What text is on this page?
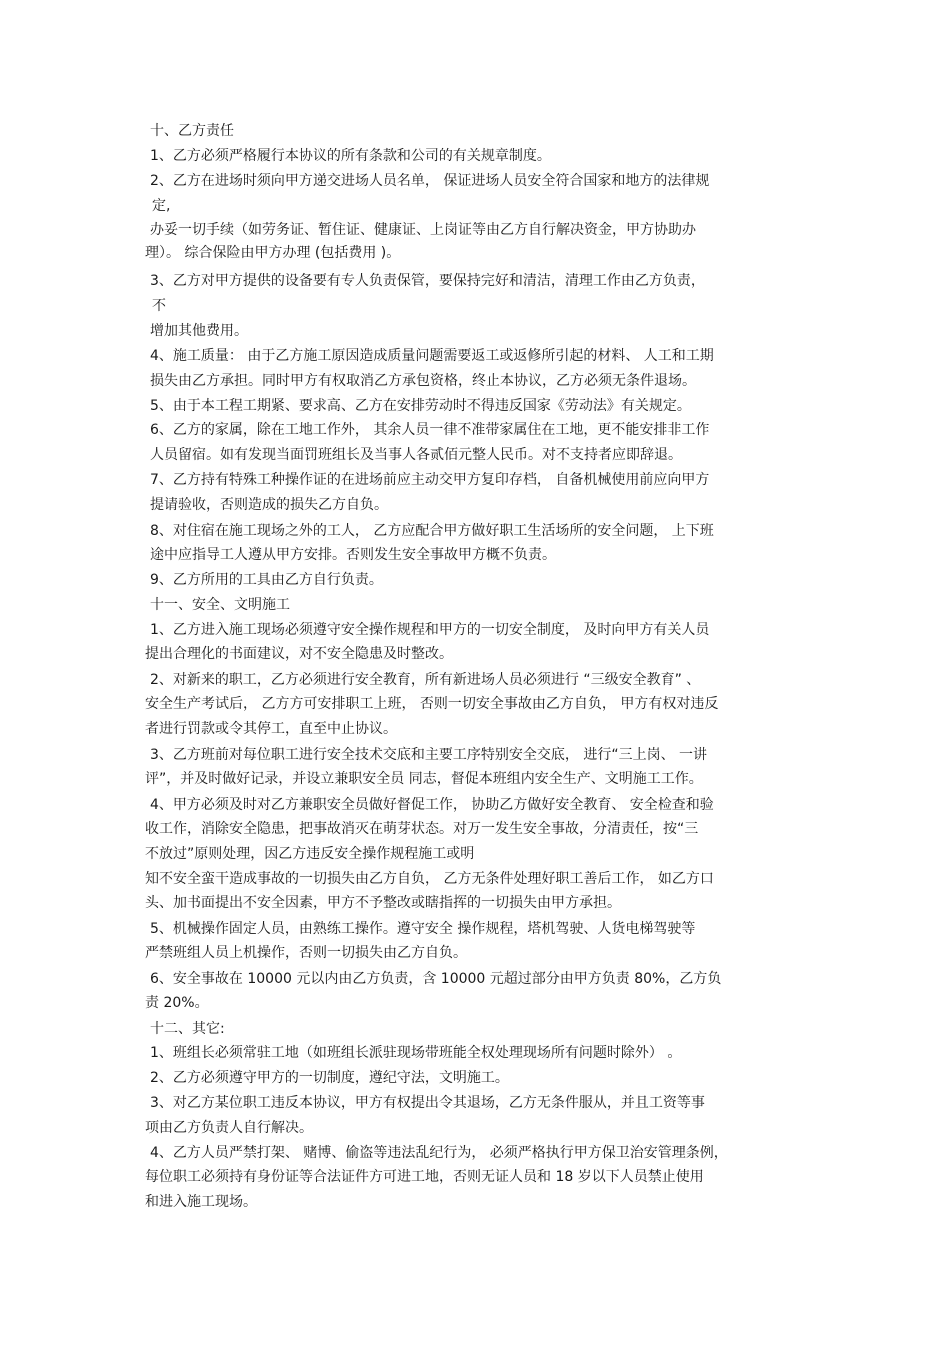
十、乙方责任
1、乙方必须严格履行本协议的所有条款和公司的有关规章制度。
2、乙方在进场时须向甲方递交进场人员名单， 保证进场人员安全符合国家和地方的法律规
定,
办妥一切手续（如劳务证、暂住证、健康证、上岗证等由乙方自行解决资金，甲方协助办
理）。 综合保险由甲方办理 (包括费用 )。
3、乙方对甲方提供的设备要有专人负责保管，要保持完好和清洁，清理工作由乙方负责，
不
增加其他费用。
4、施工质量： 由于乙方施工原因造成质量问题需要返工或返修所引起的材料、 人工和工期
损失由乙方承担。同时甲方有权取消乙方承包资格，终止本协议，乙方必须无条件退场。
5、由于本工程工期紧、要求高、乙方在安排劳动时不得违反国家《劳动法》有关规定。
6、乙方的家属，除在工地工作外， 其余人员一律不准带家属住在工地，更不能安排非工作
人员留宿。如有发现当面罚班组长及当事人各贰佰元整人民币。对不支持者应即辞退。
7、乙方持有特殊工种操作证的在进场前应主动交甲方复印存档， 自备机械使用前应向甲方
提请验收，否则造成的损失乙方自负。
8、对住宿在施工现场之外的工人， 乙方应配合甲方做好职工生活场所的安全问题， 上下班
途中应指导工人遵从甲方安排。否则发生安全事故甲方概不负责。
9、乙方所用的工具由乙方自行负责。
十一、安全、文明施工
1、乙方进入施工现场必须遵守安全操作规程和甲方的一切安全制度， 及时向甲方有关人员
提出合理化的书面建议，对不安全隐患及时整改。
2、对新来的职工，乙方必须进行安全教育，所有新进场人员必须进行 “三级安全教育” 、
安全生产考试后， 乙方方可安排职工上班， 否则一切安全事故由乙方自负， 甲方有权对违反
者进行罚款或令其停工，直至中止协议。
3、乙方班前对每位职工进行安全技术交底和主要工序特别安全交底， 进行“三上岗、 一讲
评”，并及时做好记录，并设立兼职安全员 同志，督促本班组内安全生产、文明施工工作。
4、甲方必须及时对乙方兼职安全员做好督促工作， 协助乙方做好安全教育、 安全检查和验
收工作，消除安全隐患，把事故消灭在萌芽状态。对万一发生安全事故，分清责任，按“三
不放过”原则处理，因乙方违反安全操作规程施工或明
知不安全蛮干造成事故的一切损失由乙方自负， 乙方无条件处理好职工善后工作， 如乙方口
头、加书面提出不安全因素，甲方不予整改或瞎指挥的一切损失由甲方承担。
5、机械操作固定人员，由熟练工操作。遵守安全 操作规程，塔机驾驶、人货电梯驾驶等
严禁班组人员上机操作，否则一切损失由乙方自负。
6、安全事故在 10000 元以内由乙方负责，含 10000 元超过部分由甲方负责 80%，乙方负
责 20%。
十二、其它:
1、班组长必须常驻工地（如班组长派驻现场带班能全权处理现场所有问题时除外） 。
2、乙方必须遵守甲方的一切制度，遵纪守法，文明施工。
3、对乙方某位职工违反本协议，甲方有权提出令其退场，乙方无条件服从，并且工资等事
项由乙方负责人自行解决。
4、乙方人员严禁打架、 赌博、偷盗等违法乱纪行为， 必须严格执行甲方保卫治安管理条例，
每位职工必须持有身份证等合法证件方可进工地，否则无证人员和 18 岁以下人员禁止使用
和进入施工现场。
